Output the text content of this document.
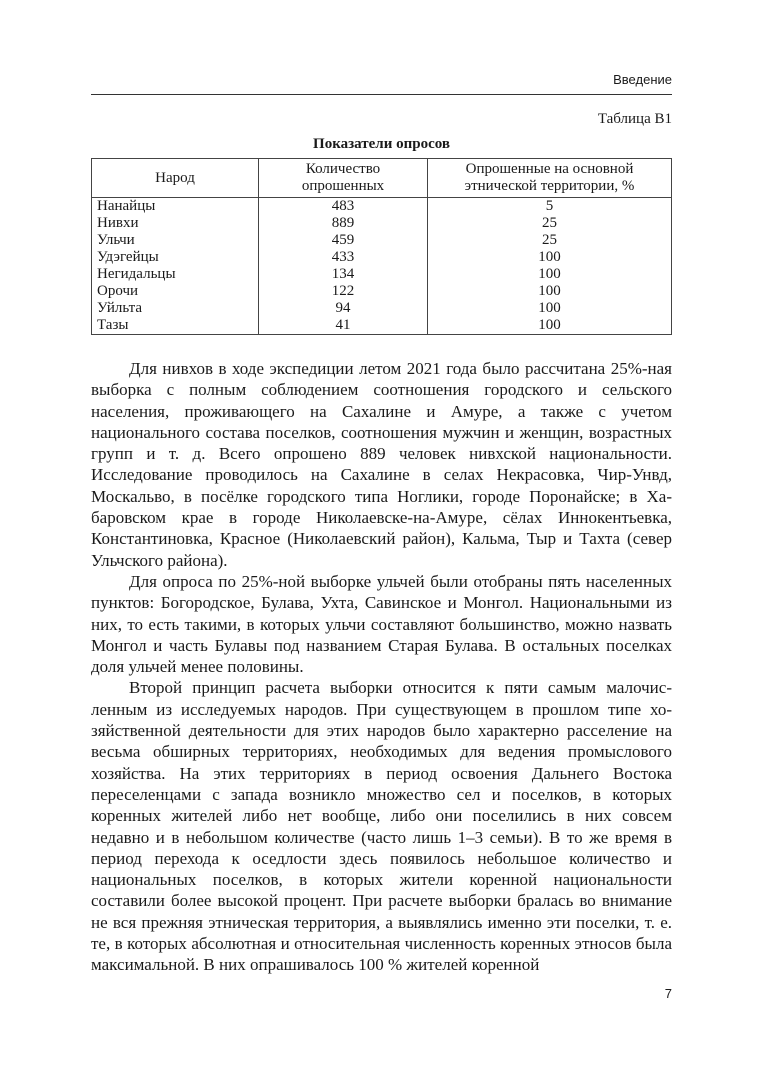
Введение
Таблица В1
Показатели опросов
Народ	Количество опрошенных	Опрошенные на основной этнической территории, %
Нанайцы	483	5
Нивхи	889	25
Ульчи	459	25
Удэгейцы	433	100
Негидальцы	134	100
Орочи	122	100
Уйльта	94	100
Тазы	41	100

Для нивхов в ходе экспедиции летом 2021 года было рассчитана 25%-ная выборка с полным соблюдением соотношения городского и сельского населения, проживающего на Сахалине и Амуре, а также с учетом национального состава поселков, соотношения мужчин и женщин, возрастных групп и т. д. Всего опрошено 889 человек нивхской национальности. Исследование проводилось на Сахалине в селах Некрасовка, Чир-Унвд, Москальво, в посёлке городского типа Ноглики, городе Поронайске; в Хабаровском крае в городе Николаевске-на-Амуре, сёлах Иннокентьевка, Константиновка, Красное (Николаевский район), Кальма, Тыр и Тахта (север Ульчского района).

Для опроса по 25%-ной выборке ульчей были отобраны пять населенных пунктов: Богородское, Булава, Ухта, Савинское и Монгол. Национальными из них, то есть такими, в которых ульчи составляют большинство, можно назвать Монгол и часть Булавы под названием Старая Булава. В остальных поселках доля ульчей менее половины.

Второй принцип расчета выборки относится к пяти самым малочисленным из исследуемых народов. При существующем в прошлом типе хозяйственной деятельности для этих народов было характерно расселение на весьма обширных территориях, необходимых для ведения промыслового хозяйства. На этих территориях в период освоения Дальнего Востока переселенцами с запада возникло множество сел и поселков, в которых коренных жителей либо нет вообще, либо они поселились в них совсем недавно и в небольшом количестве (часто лишь 1–3 семьи). В то же время в период перехода к оседлости здесь появилось небольшое количество и национальных поселков, в которых жители коренной национальности составили более высокой процент. При расчете выборки бралась во внимание не вся прежняя этническая территория, а выявлялись именно эти поселки, т. е. те, в которых абсолютная и относительная численность коренных этносов была максимальной. В них опрашивалось 100 % жителей коренной

7
